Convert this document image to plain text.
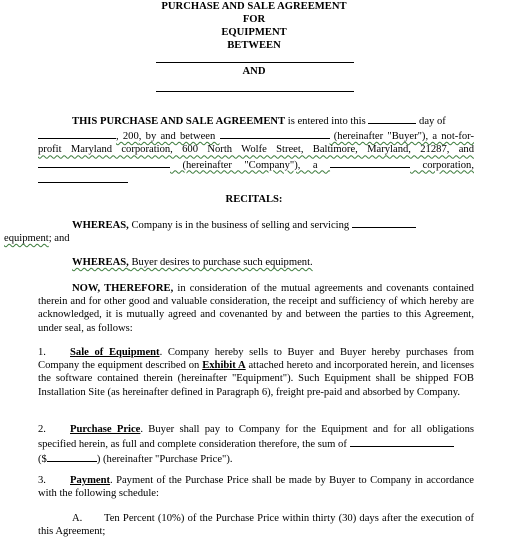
PURCHASE AND SALE AGREEMENT
FOR
EQUIPMENT
BETWEEN
AND
THIS PURCHASE AND SALE AGREEMENT is entered into this	day of
, 200, by and between	(hereinafter "Buyer"), a not-for-profit Maryland corporation, 600 North Wolfe Street, Baltimore, Maryland, 21287, and  (hereinafter "Company"), a	corporation,
RECITALS:
WHEREAS, Company is in the business of selling and servicing
equipment; and
WHEREAS, Buyer desires to purchase such equipment.
NOW, THEREFORE, in consideration of the mutual agreements and covenants contained therein and for other good and valuable consideration, the receipt and sufficiency of which hereby are acknowledged, it is mutually agreed and covenanted by and between the parties to this Agreement, under seal, as follows:
1. Sale of Equipment. Company hereby sells to Buyer and Buyer hereby purchases from Company the equipment described on Exhibit A attached hereto and incorporated herein, and licenses the software contained therein (hereinafter "Equipment"). Such Equipment shall be shipped FOB Installation Site (as hereinafter defined in Paragraph 6), freight pre-paid and absorbed by Company.
2. Purchase Price. Buyer shall pay to Company for the Equipment and for all obligations specified herein, as full and complete consideration therefore, the sum of
($	) (hereinafter "Purchase Price").
3. Payment. Payment of the Purchase Price shall be made by Buyer to Company in accordance with the following schedule:
A. Ten Percent (10%) of the Purchase Price within thirty (30) days after the execution of this Agreement;
